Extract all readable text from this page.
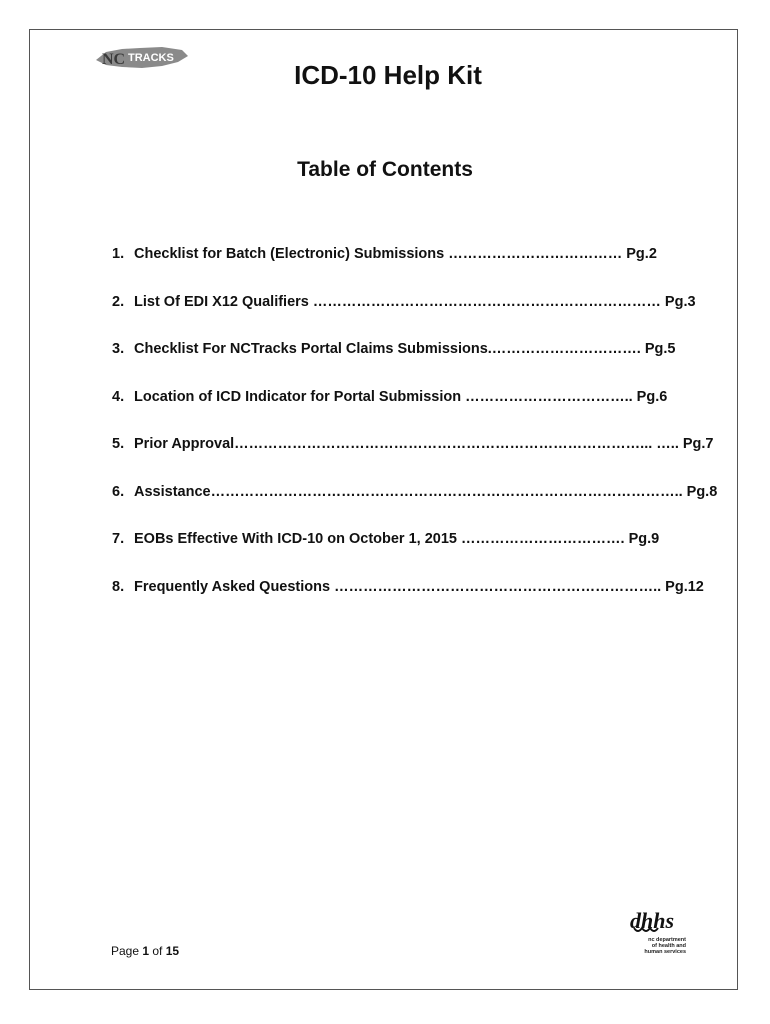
NC TRACKS
ICD-10 Help Kit
Table of Contents
1. Checklist for Batch (Electronic) Submissions ……………………………… Pg.2
2. List Of EDI X12 Qualifiers ……………………………………………………………… Pg.3
3. Checklist For NCTracks Portal Claims Submissions.…………………………. Pg.5
4. Location of ICD Indicator for Portal Submission …………………………….. Pg.6
5. Prior Approval…………………………………………………………………………... ….. Pg.7
6. Assistance…………………………………………………………………………………….. Pg.8
7. EOBs Effective With ICD-10 on October 1, 2015 ……………………………. Pg.9
8. Frequently Asked Questions ………………………………………………………….. Pg.12
Page 1 of 15
dhhs
nc department
of health and
human services
